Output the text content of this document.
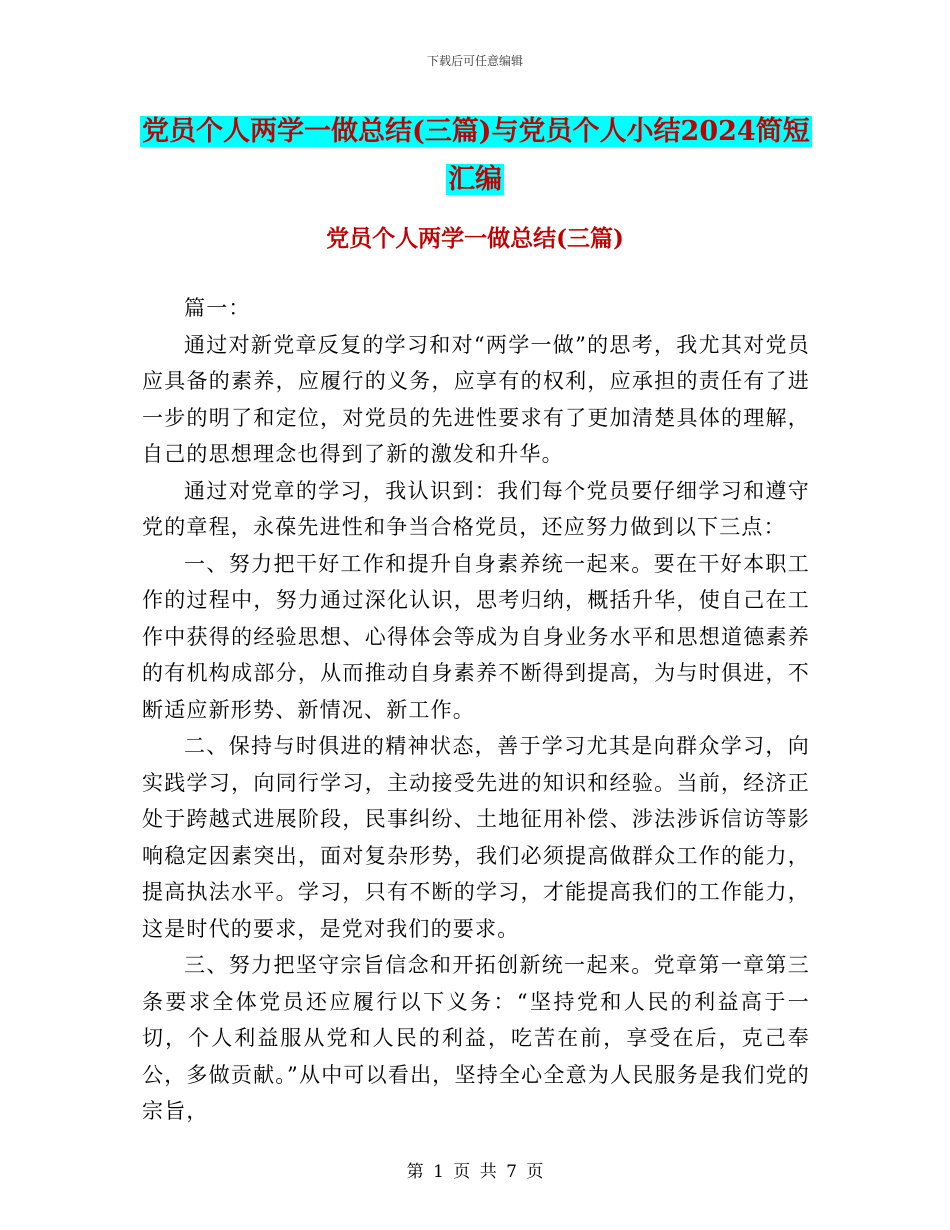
下载后可任意编辑
党员个人两学一做总结(三篇)与党员个人小结2024简短汇编
党员个人两学一做总结(三篇)

篇一：

通过对新党章反复的学习和对“两学一做”的思考，我尤其对党员应具备的素养，应履行的义务，应享有的权利，应承担的责任有了进一步的明了和定位，对党员的先进性要求有了更加清楚具体的理解，自己的思想理念也得到了新的激发和升华。

通过对党章的学习，我认识到：我们每个党员要仔细学习和遵守党的章程，永葆先进性和争当合格党员，还应努力做到以下三点：

一、努力把干好工作和提升自身素养统一起来。要在干好本职工作的过程中，努力通过深化认识，思考归纳，概括升华，使自己在工作中获得的经验思想、心得体会等成为自身业务水平和思想道德素养的有机构成部分，从而推动自身素养不断得到提高，为与时俱进，不断适应新形势、新情况、新工作。

二、保持与时俱进的精神状态，善于学习尤其是向群众学习，向实践学习，向同行学习，主动接受先进的知识和经验。当前，经济正处于跨越式进展阶段，民事纠纷、土地征用补偿、涉法涉诉信访等影响稳定因素突出，面对复杂形势，我们必须提高做群众工作的能力，提高执法水平。学习，只有不断的学习，才能提高我们的工作能力，这是时代的要求，是党对我们的要求。

三、努力把坚守宗旨信念和开拓创新统一起来。党章第一章第三条要求全体党员还应履行以下义务：“坚持党和人民的利益高于一切，个人利益服从党和人民的利益，吃苦在前，享受在后，克己奉公，多做贡献。”从中可以看出，坚持全心全意为人民服务是我们党的宗旨，

第 1 页 共 7 页
